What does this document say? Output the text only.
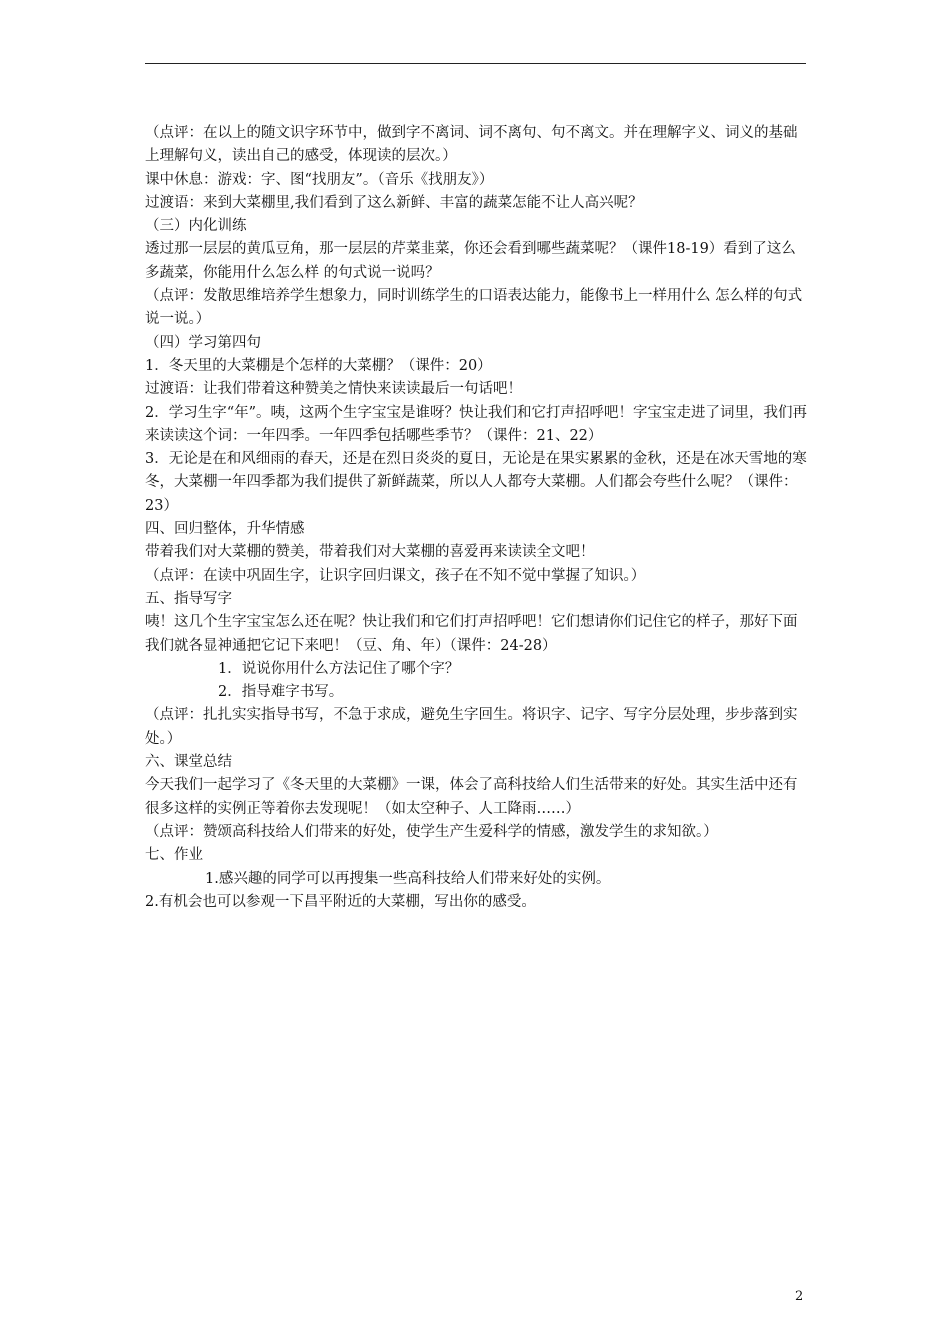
（点评：在以上的随文识字环节中，做到字不离词、词不离句、句不离文。并在理解字义、词义的基础上理解句义，读出自己的感受，体现读的层次。）

课中休息：游戏：字、图“找朋友”。（音乐《找朋友》）

过渡语：来到大菜棚里,我们看到了这么新鲜、丰富的蔬菜怎能不让人高兴呢？

（三）内化训练

透过那一层层的黄瓜豆角，那一层层的芹菜韭菜，你还会看到哪些蔬菜呢？（课件18-19）看到了这么多蔬菜，你能用什么怎么样 的句式说一说吗？

（点评：发散思维培养学生想象力，同时训练学生的口语表达能力，能像书上一样用什么 怎么样的句式说一说。）

（四）学习第四句

1．冬天里的大菜棚是个怎样的大菜棚？（课件：20）

过渡语：让我们带着这种赞美之情快来读读最后一句话吧！

2．学习生字“年”。咦，这两个生字宝宝是谁呀？快让我们和它打声招呼吧！字宝宝走进了词里，我们再来读读这个词：一年四季。一年四季包括哪些季节？（课件：21、22）

3．无论是在和风细雨的春天，还是在烈日炎炎的夏日，无论是在果实累累的金秋，还是在冰天雪地的寒冬，大菜棚一年四季都为我们提供了新鲜蔬菜，所以人人都夸大菜棚。人们都会夸些什么呢？（课件：23）

四、回归整体，升华情感

带着我们对大菜棚的赞美，带着我们对大菜棚的喜爱再来读读全文吧！

（点评：在读中巩固生字，让识字回归课文，孩子在不知不觉中掌握了知识。）

五、指导写字

咦！这几个生字宝宝怎么还在呢？快让我们和它们打声招呼吧！它们想请你们记住它的样子，那好下面我们就各显神通把它记下来吧！（豆、角、年）（课件：24-28）

1．说说你用什么方法记住了哪个字？

2．指导难字书写。

（点评：扎扎实实指导书写，不急于求成，避免生字回生。将识字、记字、写字分层处理，步步落到实处。）

六、课堂总结

今天我们一起学习了《冬天里的大菜棚》一课，体会了高科技给人们生活带来的好处。其实生活中还有很多这样的实例正等着你去发现呢！（如太空种子、人工降雨……）

（点评：赞颂高科技给人们带来的好处，使学生产生爱科学的情感，激发学生的求知欲。）

七、作业

1.感兴趣的同学可以再搜集一些高科技给人们带来好处的实例。

2.有机会也可以参观一下昌平附近的大菜棚，写出你的感受。

2
